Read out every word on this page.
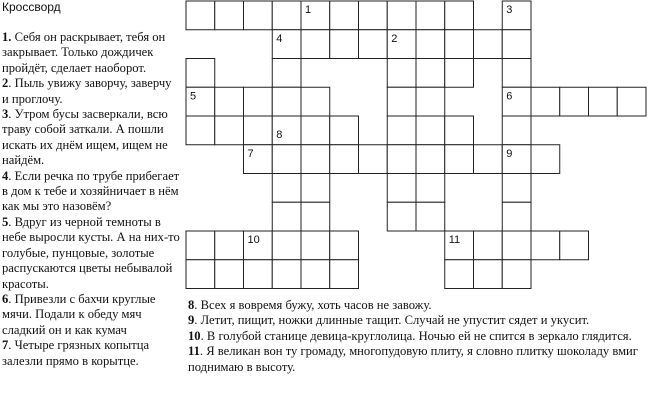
Кроссворд	1
2
3
4
5	6
7
8
9
10	11

1. Себя он раскрывает, тебя он закрывает. Только дождичек пройдёт, сделает наоборот.

2. Пыль увижу заворчу, заверчу и проглочу.

3. Утром бусы засверкали, всю траву собой заткали. А пошли искать их днём ищем, ищем не найдём.

4. Если речка по трубе прибегает в дом к тебе и хозяйничает в нём как мы это назовём?

5. Вдруг из черной темноты в небе выросли кусты. А на них-то голубые, пунцовые, золотые распускаются цветы небывалой красоты.

6. Привезли с бахчи круглые мячи. Подали к обеду мяч сладкий он и как кумач

7. Четыре грязных копытца залезли прямо в корытце.

8. Всех я вовремя бужу, хоть часов не завожу.

9. Летит, пищит, ножки длинные тащит. Случай не упустит сядет и укусит.

10. В голубой станице девица-круглолица. Ночью ей не спится в зеркало глядится.

11. Я великан вон ту громаду, многопудовую плиту, я словно плитку шоколаду вмиг поднимаю в высоту.
